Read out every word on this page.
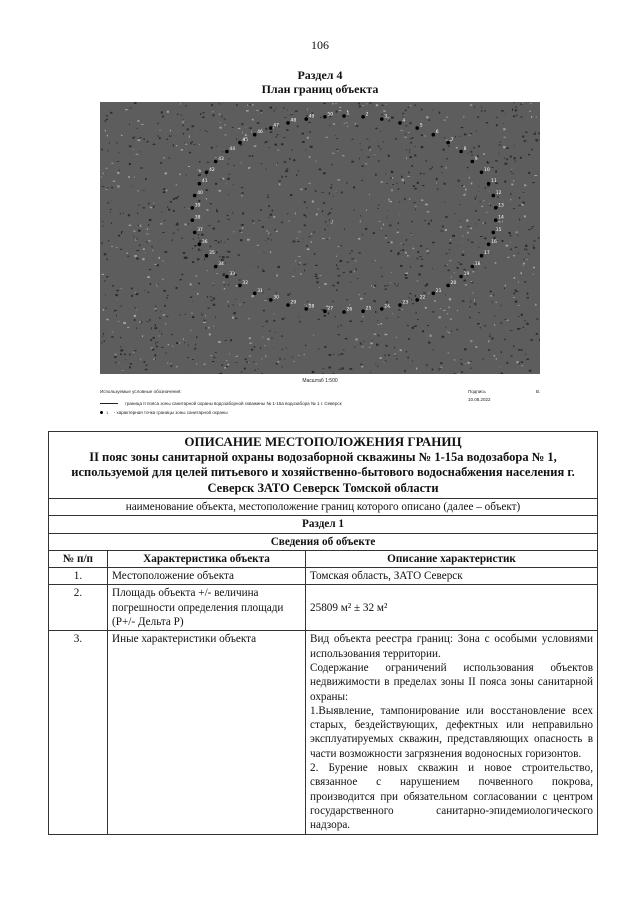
106
Раздел 4
План границ объекта
1	2	3
4
5
6
7
8
9
10
11
12
13
14
15
16
17
18
19
20
21
22
23
24
25
26
27
28
29
30
31
32
33
34
35
36
37
38
39
40
41
42
43
44
45
46
47
48
49	50
Масштаб 1:500
Используемые условные обозначения:
граница II пояса зоны санитарной охраны водозаборной скважины № 1-15а водозабора № 1 г. Северск
1 - характерная точка границы зоны санитарной охраны
Подпись	В.
10.08.2022
ОПИСАНИЕ МЕСТОПОЛОЖЕНИЯ ГРАНИЦ
II пояс зоны санитарной охраны водозаборной скважины № 1-15а водозабора № 1, используемой для целей питьевого и хозяйственно-бытового водоснабжения населения г. Северск ЗАТО Северск Томской области		
наименование объекта, местоположение границ которого описано (далее – объект)		
Раздел 1		
Сведения об объекте		
№ п/п	Характеристика объекта	Описание характеристик
1.	Местоположение объекта	Томская область, ЗАТО Северск
2.	Площадь объекта +/- величина погрешности определения площади (Р+/- Дельта Р)	25809 м² ± 32 м²
3.	Иные характеристики объекта	Вид объекта реестра границ: Зона с особыми условиями использования территории.

Содержание ограничений использования объектов недвижимости в пределах зоны II пояса зоны санитарной охраны:

1.Выявление, тампонирование или восстановление всех старых, бездействующих, дефектных или неправильно эксплуатируемых скважин, представляющих опасность в части возможности загрязнения водоносных горизонтов.

2. Бурение новых скважин и новое строительство, связанное с нарушением почвенного покрова, производится при обязательном согласовании с центром государственного санитарно-эпидемиологического надзора.
